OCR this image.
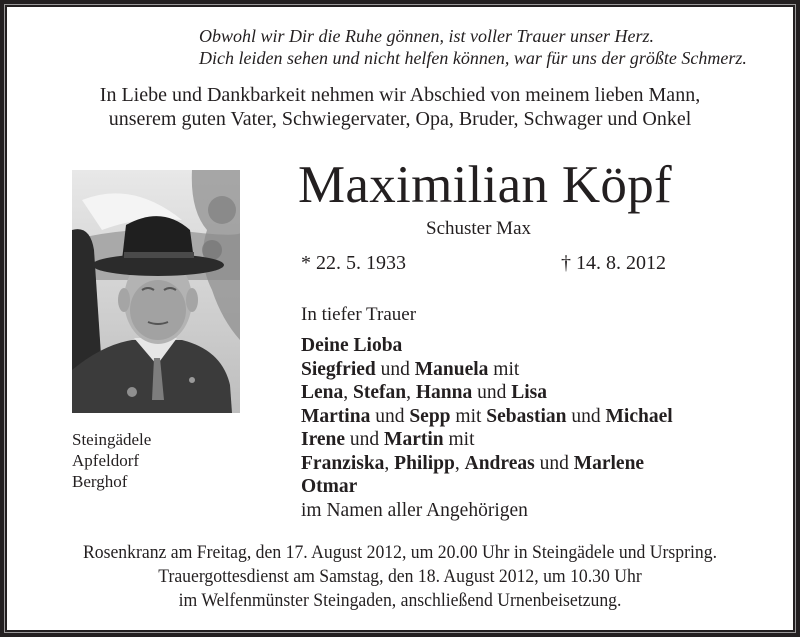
Obwohl wir Dir die Ruhe gönnen, ist voller Trauer unser Herz.
Dich leiden sehen und nicht helfen können, war für uns der größte Schmerz.
In Liebe und Dankbarkeit nehmen wir Abschied von meinem lieben Mann,
unserem guten Vater, Schwiegervater, Opa, Bruder, Schwager und Onkel
Steingädele
Apfeldorf
Berghof
Maximilian Köpf
Schuster Max
* 22. 5. 1933	† 14. 8. 2012
In tiefer Trauer
Deine Lioba
Siegfried und Manuela mit
Lena, Stefan, Hanna und Lisa
Martina und Sepp mit Sebastian und Michael
Irene und Martin mit
Franziska, Philipp, Andreas und Marlene
Otmar
im Namen aller Angehörigen
Rosenkranz am Freitag, den 17. August 2012, um 20.00 Uhr in Steingädele und Urspring.
Trauergottesdienst am Samstag, den 18. August 2012, um 10.30 Uhr
im Welfenmünster Steingaden, anschließend Urnenbeisetzung.
